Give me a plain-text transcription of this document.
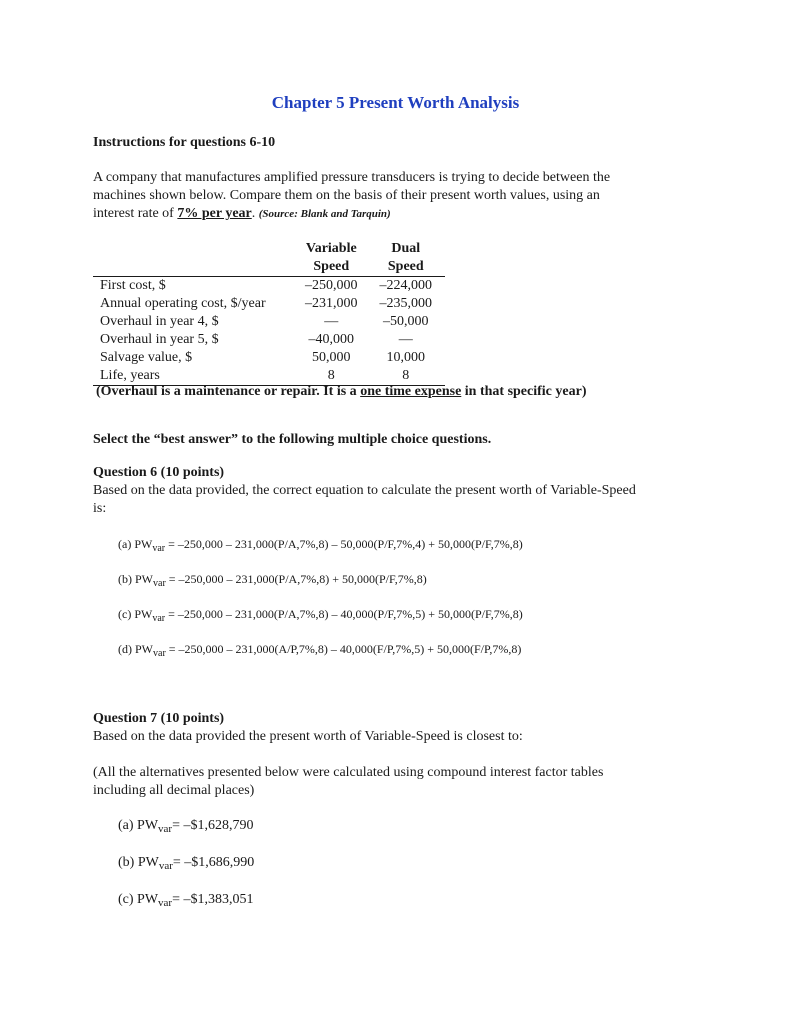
Chapter 5 Present Worth Analysis
Instructions for questions 6-10
A company that manufactures amplified pressure transducers is trying to decide between the
machines shown below. Compare them on the basis of their present worth values, using an
interest rate of 7% per year. (Source: Blank and Tarquin)
Variable	Dual
Speed	Speed
First cost, $	–250,000	–224,000
Annual operating cost, $/year	–231,000	–235,000
Overhaul in year 4, $	—	–50,000
Overhaul in year 5, $	–40,000	—
Salvage value, $	50,000	10,000
Life, years	8	8
(Overhaul is a maintenance or repair. It is a one time expense in that specific year)
Select the “best answer” to the following multiple choice questions.
Question 6 (10 points)
Based on the data provided, the correct equation to calculate the present worth of Variable-Speed
is:
(a) $PW_{var} = -250,000 - 231,000(P/A,7\%,8) - 50,000(P/F,7\%,4) + 50,000(P/F,7\%,8)$
(b) $PW_{var} = -250,000 - 231,000(P/A,7\%,8) + 50,000(P/F,7\%,8)$
(c) $PW_{var} = -250,000 - 231,000(P/A,7\%,8) - 40,000(P/F,7\%,5) + 50,000(P/F,7\%,8)$
(d) $PW_{var} = -250,000 - 231,000(A/P,7\%,8) - 40,000(F/P,7\%,5) + 50,000(F/P,7\%,8)$
Question 7 (10 points)
Based on the data provided the present worth of Variable-Speed is closest to:
(All the alternatives presented below were calculated using compound interest factor tables
including all decimal places)
(a) $PW_{var}=$ –$1,628,790
(b) $PW_{var}=$ –$1,686,990
(c) $PW_{var}=$ –$1,383,051
